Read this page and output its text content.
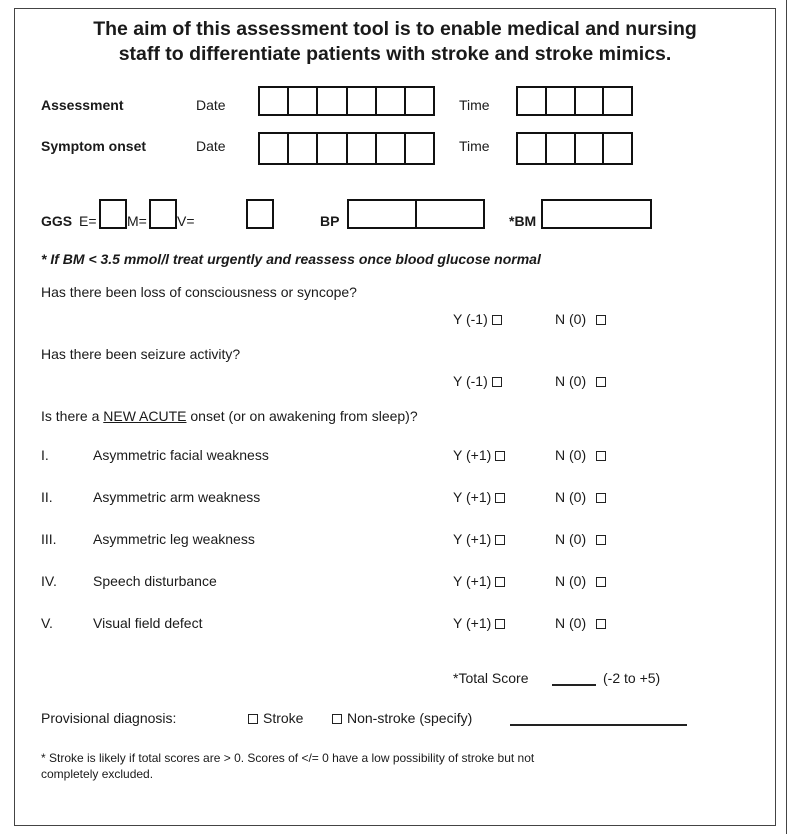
The aim of this assessment tool is to enable medical and nursing
staff to differentiate patients with stroke and stroke mimics.
Assessment	Date	Time
Symptom onset	Date	Time
GGS E= M= V=	BP	*BM
* If BM < 3.5 mmol/l treat urgently and reassess once blood glucose normal
Has there been loss of consciousness or syncope?
Y (-1)	N (0)
Has there been seizure activity?
Y (-1)	N (0)
Is there a NEW ACUTE onset (or on awakening from sleep)?
I.	Asymmetric facial weakness	Y (+1)	N (0)
II.	Asymmetric arm weakness	Y (+1)	N (0)
III.	Asymmetric leg weakness	Y (+1)	N (0)
IV.	Speech disturbance	Y (+1)	N (0)
V.	Visual field defect	Y (+1)	N (0)
*Total Score	(-2 to +5)
Provisional diagnosis:	Stroke	Non-stroke (specify)
* Stroke is likely if total scores are > 0. Scores of </= 0 have a low possibility of stroke but not
completely excluded.
